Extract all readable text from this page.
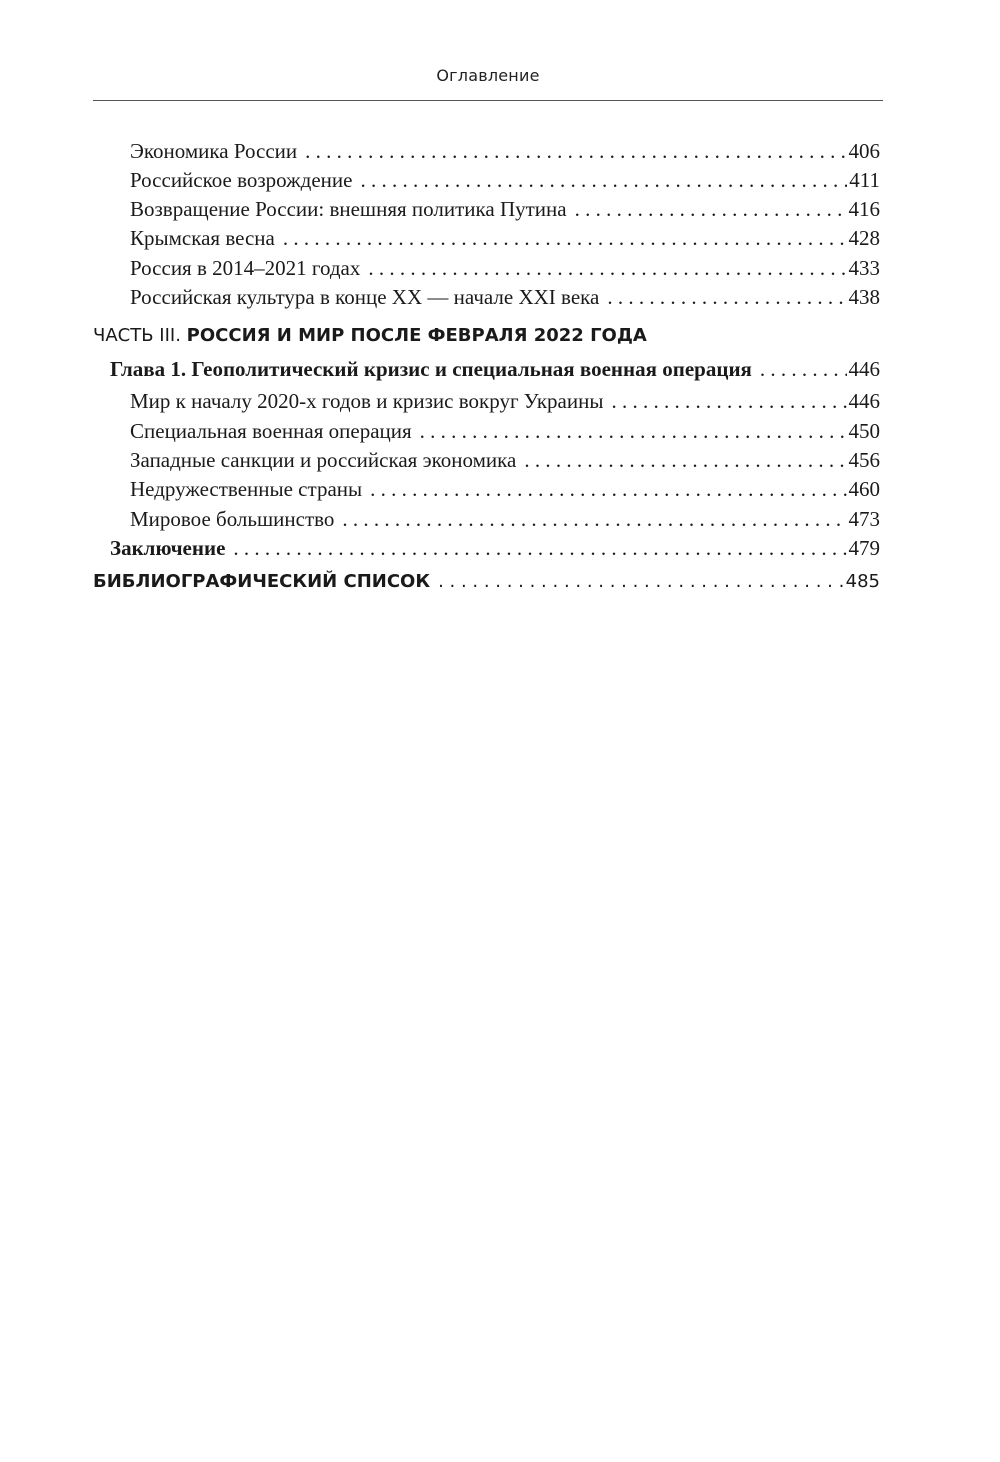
Оглавление
Экономика России . . .	406
Российское возрождение . . .	411
Возвращение России: внешняя политика Путина . . .	416
Крымская весна . . .	428
Россия в 2014–2021 годах . . .	433
Российская культура в конце XX — начале XXI века . . .	438
ЧАСТЬ III. РОССИЯ И МИР ПОСЛЕ ФЕВРАЛЯ 2022 ГОДА
Глава 1. Геополитический кризис и специальная военная операция . . .	446
Мир к началу 2020-х годов и кризис вокруг Украины . . .	446
Специальная военная операция . . .	450
Западные санкции и российская экономика . . .	456
Недружественные страны . . .	460
Мировое большинство . . .	473
Заключение . . .	479
БИБЛИОГРАФИЧЕСКИЙ СПИСОК . . .	485
